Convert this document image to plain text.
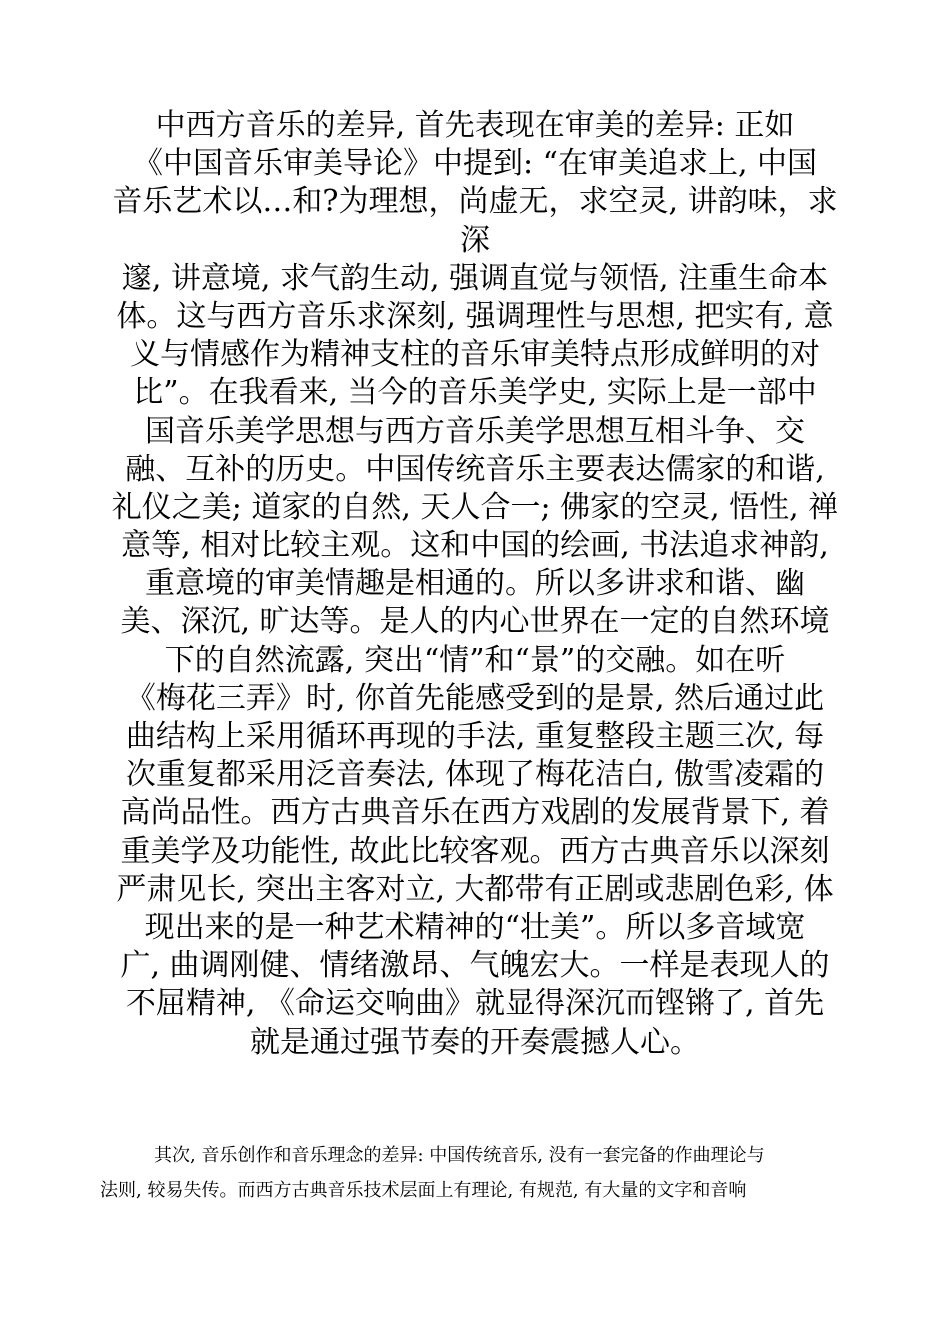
中西方音乐的差异, 首先表现在审美的差异: 正如
《中国音乐审美导论》中提到: “在审美追求上, 中国
音乐艺术以…和?为理想，尚虚无，求空灵, 讲韵味，求
深
邃, 讲意境, 求气韵生动, 强调直觉与领悟, 注重生命本
体。这与西方音乐求深刻, 强调理性与思想, 把实有, 意
义与情感作为精神支柱的音乐审美特点形成鲜明的对
比”。在我看来, 当今的音乐美学史, 实际上是一部中
国音乐美学思想与西方音乐美学思想互相斗争、交
融、互补的历史。中国传统音乐主要表达儒家的和谐,
礼仪之美; 道家的自然, 天人合一; 佛家的空灵, 悟性, 禅
意等, 相对比较主观。这和中国的绘画, 书法追求神韵,
重意境的审美情趣是相通的。所以多讲求和谐、幽
美、深沉, 旷达等。是人的内心世界在一定的自然环境
下的自然流露, 突出“情”和“景”的交融。如在听
《梅花三弄》时, 你首先能感受到的是景, 然后通过此
曲结构上采用循环再现的手法, 重复整段主题三次, 每
次重复都采用泛音奏法, 体现了梅花洁白, 傲雪凌霜的
高尚品性。西方古典音乐在西方戏剧的发展背景下, 着
重美学及功能性, 故此比较客观。西方古典音乐以深刻
严肃见长, 突出主客对立, 大都带有正剧或悲剧色彩, 体
现出来的是一种艺术精神的“壮美”。所以多音域宽
广, 曲调刚健、情绪激昂、气魄宏大。一样是表现人的
不屈精神, 《命运交响曲》就显得深沉而铿锵了, 首先
就是通过强节奏的开奏震撼人心。
其次, 音乐创作和音乐理念的差异: 中国传统音乐, 没有一套完备的作曲理论与
法则, 较易失传。而西方古典音乐技术层面上有理论, 有规范, 有大量的文字和音响
